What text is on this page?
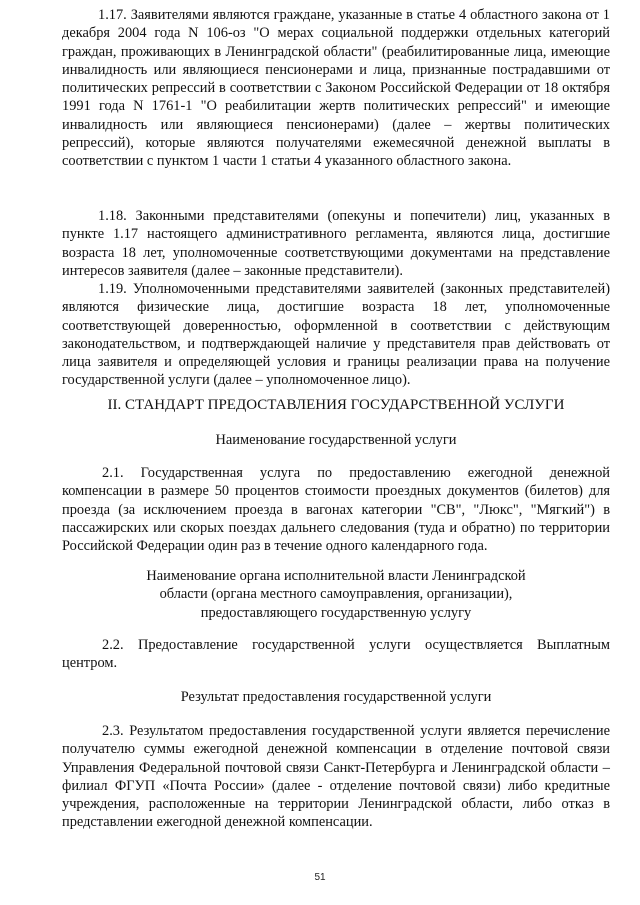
1.17. Заявителями являются граждане, указанные в статье 4 областного закона от 1 декабря 2004 года N 106-оз "О мерах социальной поддержки отдельных категорий граждан, проживающих в Ленинградской области" (реабилитированные лица, имеющие инвалидность или являющиеся пенсионерами и лица, признанные пострадавшими от политических репрессий в соответствии с Законом Российской Федерации от 18 октября 1991 года N 1761-1 "О реабилитации жертв политических репрессий" и имеющие инвалидность или являющиеся пенсионерами) (далее – жертвы политических репрессий), которые являются получателями ежемесячной денежной выплаты в соответствии с пунктом 1 части 1 статьи 4 указанного областного закона.

1.18. Законными представителями (опекуны и попечители) лиц, указанных в пункте 1.17 настоящего административного регламента, являются лица, достигшие возраста 18 лет, уполномоченные соответствующими документами на представление интересов заявителя (далее – законные представители).

1.19. Уполномоченными представителями заявителей (законных представителей) являются физические лица, достигшие возраста 18 лет, уполномоченные соответствующей доверенностью, оформленной в соответствии с действующим законодательством, и подтверждающей наличие у представителя прав действовать от лица заявителя и определяющей условия и границы реализации права на получение государственной услуги (далее – уполномоченное лицо).

II. СТАНДАРТ ПРЕДОСТАВЛЕНИЯ ГОСУДАРСТВЕННОЙ УСЛУГИ

Наименование государственной услуги

2.1. Государственная услуга по предоставлению ежегодной денежной компенсации в размере 50 процентов стоимости проездных документов (билетов) для проезда (за исключением проезда в вагонах категории "СВ", "Люкс", "Мягкий") в пассажирских или скорых поездах дальнего следования (туда и обратно) по территории Российской Федерации один раз в течение одного календарного года.

Наименование органа исполнительной власти Ленинградской

области (органа местного самоуправления, организации),

предоставляющего государственную услугу

2.2. Предоставление государственной услуги осуществляется Выплатным центром.

Результат предоставления государственной услуги

2.3. Результатом предоставления государственной услуги является перечисление получателю суммы ежегодной денежной компенсации в отделение почтовой связи Управления Федеральной почтовой связи Санкт-Петербурга и Ленинградской области – филиал ФГУП «Почта России» (далее - отделение почтовой связи) либо кредитные учреждения, расположенные на территории Ленинградской области, либо отказ в представлении ежегодной денежной компенсации.

51
